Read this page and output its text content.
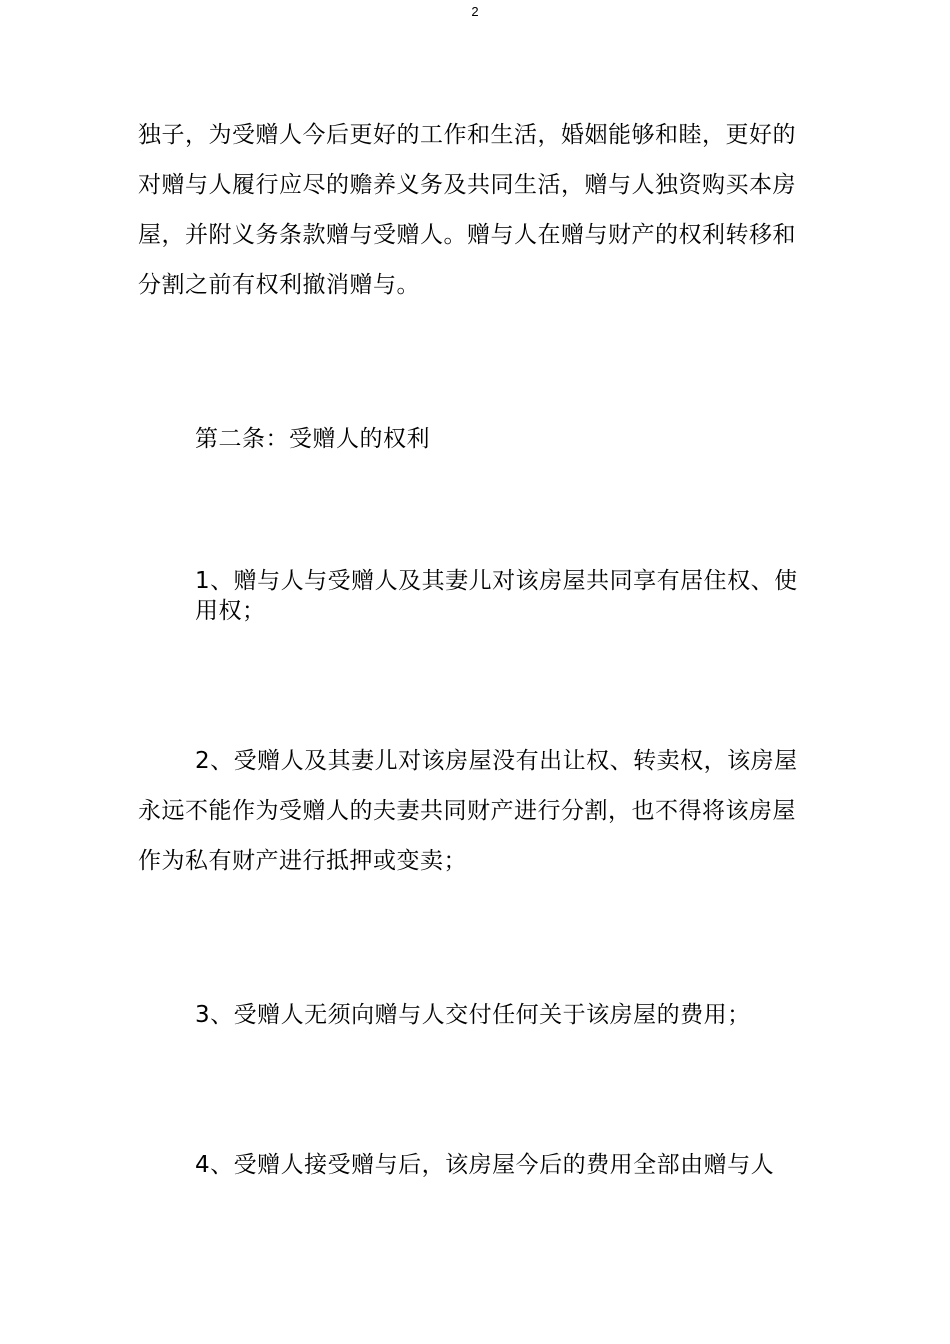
2

独子，为受赠人今后更好的工作和生活，婚姻能够和睦，更好的对赠与人履行应尽的赡养义务及共同生活，赠与人独资购买本房屋，并附义务条款赠与受赠人。赠与人在赠与财产的权利转移和分割之前有权利撤消赠与。

第二条：受赠人的权利

1、赠与人与受赠人及其妻儿对该房屋共同享有居住权、使用权；

2、受赠人及其妻儿对该房屋没有出让权、转卖权，该房屋永远不能作为受赠人的夫妻共同财产进行分割，也不得将该房屋作为私有财产进行抵押或变卖；

3、受赠人无须向赠与人交付任何关于该房屋的费用；

4、受赠人接受赠与后，该房屋今后的费用全部由赠与人
